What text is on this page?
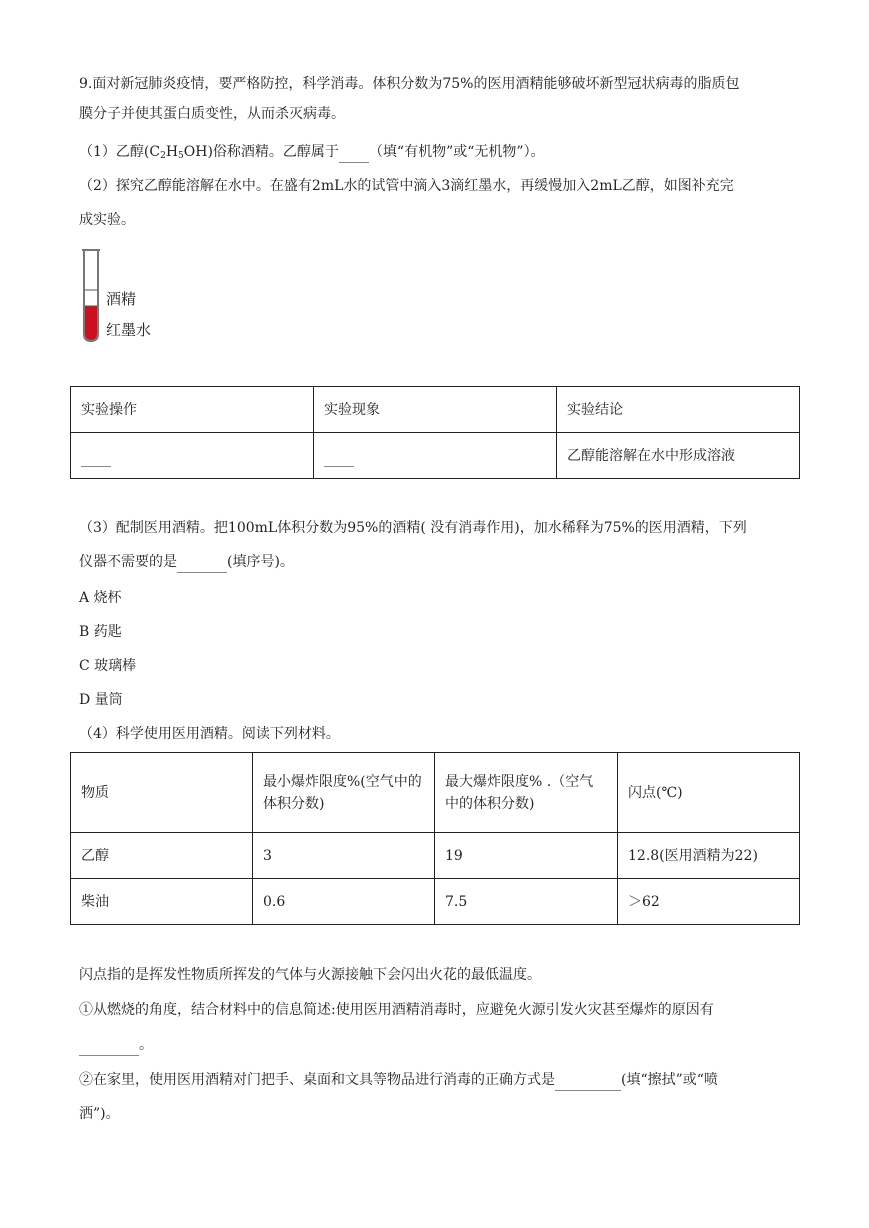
9.面对新冠肺炎疫情，要严格防控，科学消毒。体积分数为75%的医用酒精能够破坏新型冠状病毒的脂质包
膜分子并使其蛋白质变性，从而杀灭病毒。
（1）乙醇$(C_2H_5OH)$俗称酒精。乙醇属于 （填“有机物”或“无机物”）。
（2）探究乙醇能溶解在水中。在盛有2mL水的试管中滴入3滴红墨水，再缓慢加入2mL乙醇，如图补充完
成实验。
酒精
红墨水
实验操作	实验现象	实验结论
		乙醇能溶解在水中形成溶液
（3）配制医用酒精。把100mL体积分数为95%的酒精( 没有消毒作用)，加水稀释为75%的医用酒精，下列
仪器不需要的是	(填序号)。
A 烧杯
B 药匙
C 玻璃棒
D 量筒
（4）科学使用医用酒精。阅读下列材料。
物质	最小爆炸限度%(空气中的体积分数)	最大爆炸限度% .（空气中的体积分数)	闪点(℃)
乙醇	3	19	12.8(医用酒精为22)
柴油	0.6	7.5	＞62
闪点指的是挥发性物质所挥发的气体与火源接触下会闪出火花的最低温度。
①从燃烧的角度，结合材料中的信息简述:使用医用酒精消毒时，应避免火源引发火灾甚至爆炸的原因有
。
②在家里，使用医用酒精对门把手、桌面和文具等物品进行消毒的正确方式是	(填“擦拭”或“喷
洒”)。
